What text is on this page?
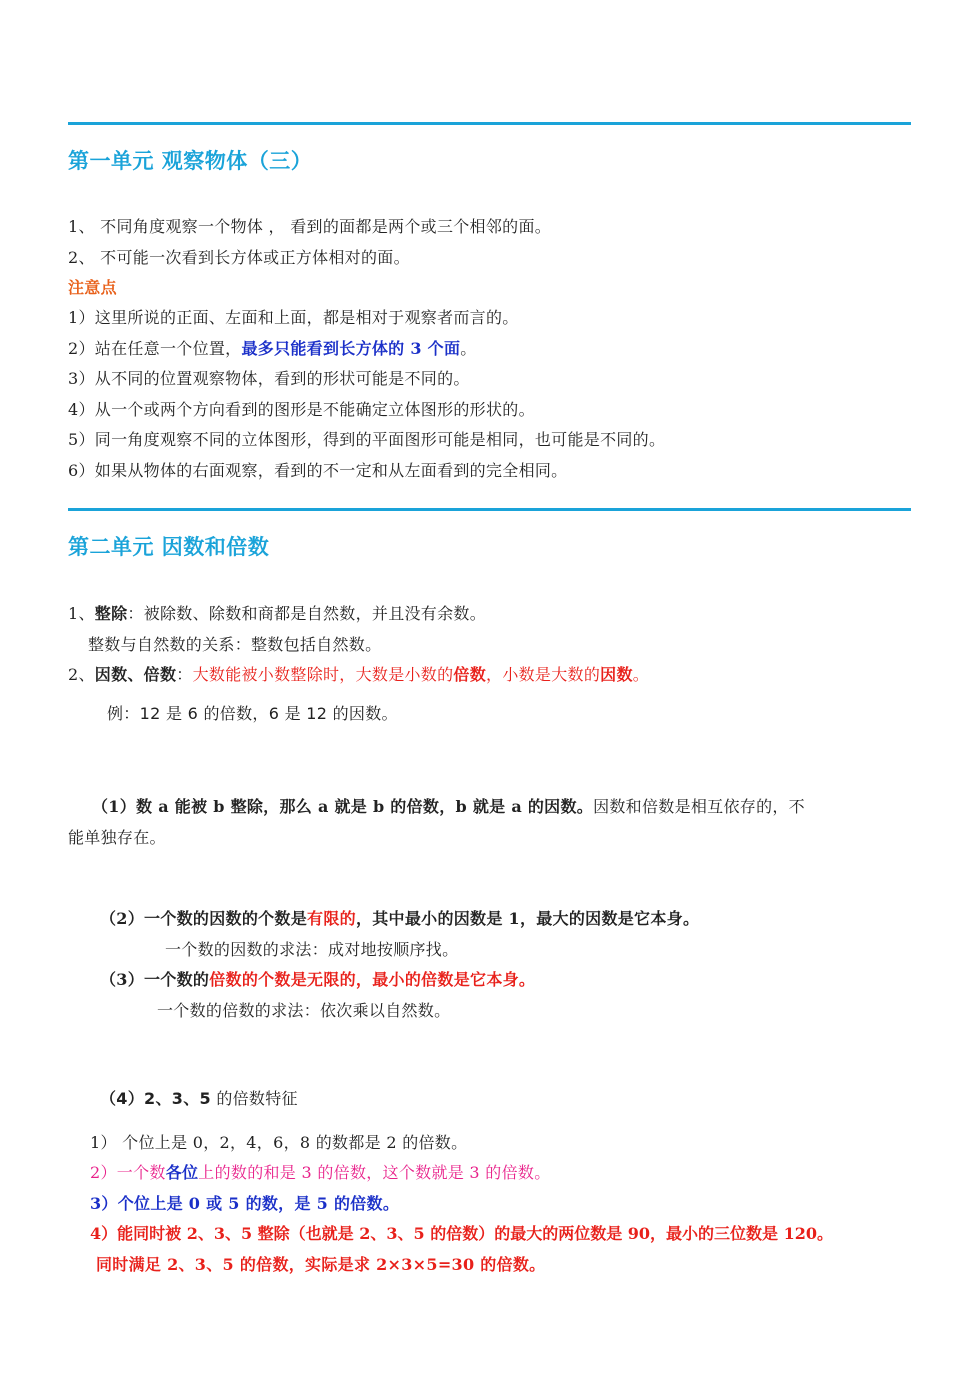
第一单元 观察物体（三）
1、 不同角度观察一个物体 ， 看到的面都是两个或三个相邻的面。
2、 不可能一次看到长方体或正方体相对的面。
注意点
1）这里所说的正面、左面和上面，都是相对于观察者而言的。
2）站在任意一个位置，最多只能看到长方体的 3 个面。
3）从不同的位置观察物体，看到的形状可能是不同的。
4）从一个或两个方向看到的图形是不能确定立体图形的形状的。
5）同一角度观察不同的立体图形，得到的平面图形可能是相同，也可能是不同的。
6）如果从物体的右面观察，看到的不一定和从左面看到的完全相同。
第二单元 因数和倍数
1、整除：被除数、除数和商都是自然数，并且没有余数。
整数与自然数的关系：整数包括自然数。
2、因数、倍数：大数能被小数整除时，大数是小数的倍数，小数是大数的因数。
例：12 是 6 的倍数，6 是 12 的因数。
（1）数 a 能被 b 整除，那么 a 就是 b 的倍数，b 就是 a 的因数。因数和倍数是相互依存的，不
能单独存在。
（2）一个数的因数的个数是有限的，其中最小的因数是 1，最大的因数是它本身。
一个数的因数的求法：成对地按顺序找。
（3）一个数的倍数的个数是无限的，最小的倍数是它本身。
一个数的倍数的求法：依次乘以自然数。
（4）2、3、5 的倍数特征
1） 个位上是 0，2，4，6，8 的数都是 2 的倍数。
2）一个数各位上的数的和是 3 的倍数，这个数就是 3 的倍数。
3）个位上是 0 或 5 的数，是 5 的倍数。
4）能同时被 2、3、5 整除（也就是 2、3、5 的倍数）的最大的两位数是 90，最小的三位数是 120。
同时满足 2、3、5 的倍数，实际是求 2×3×5=30 的倍数。
